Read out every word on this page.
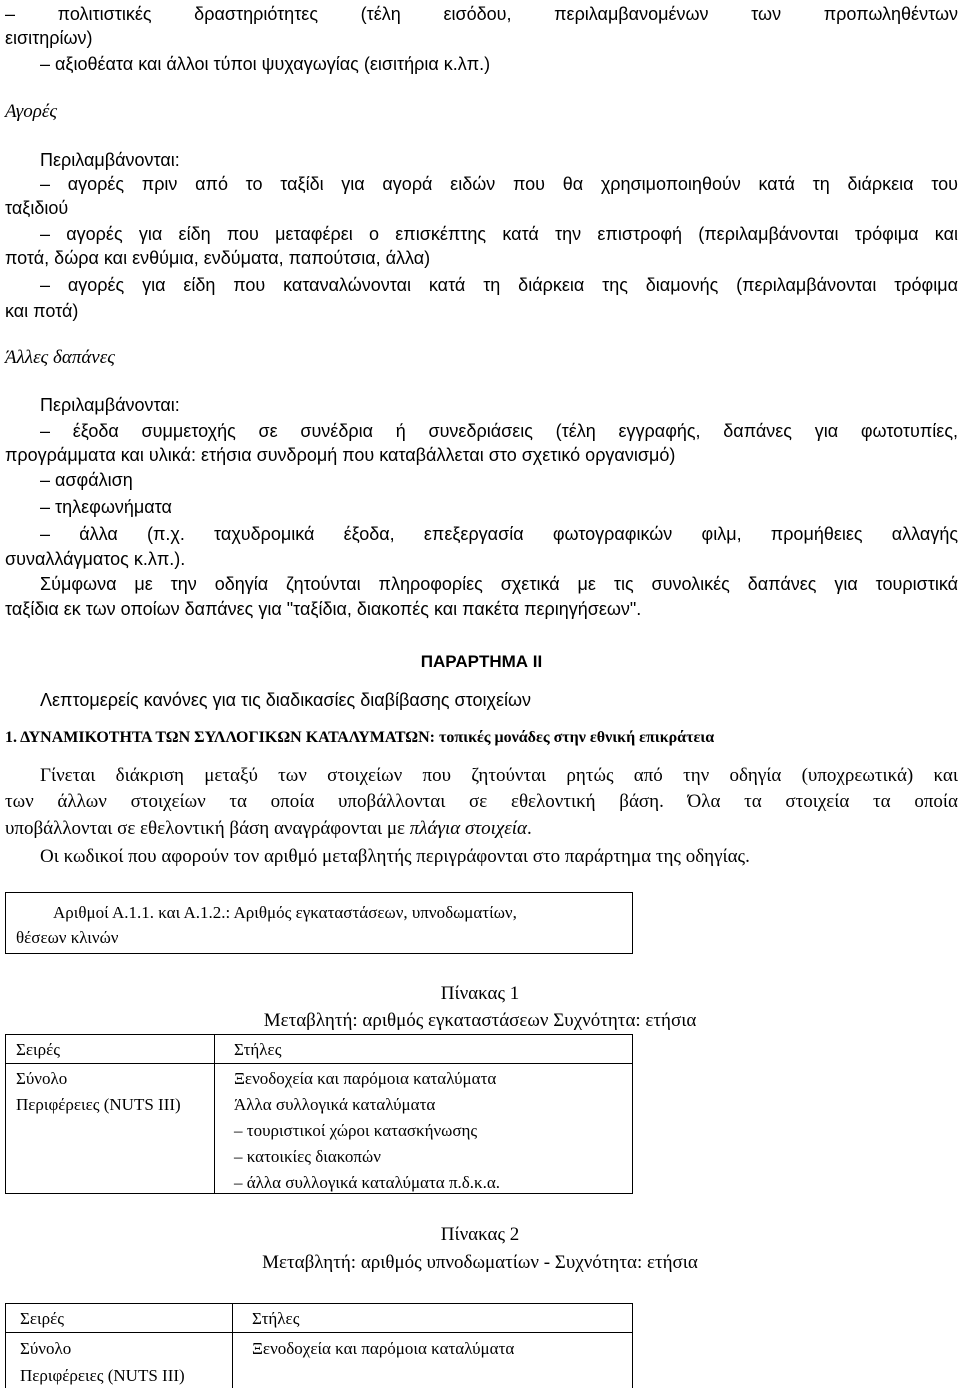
– πολιτιστικές δραστηριότητες (τέλη εισόδου, περιλαμβανομένων των προπωληθέντων
εισιτηρίων)
– αξιοθέατα και άλλοι τύποι ψυχαγωγίας (εισιτήρια κ.λπ.)
Αγορές
Περιλαμβάνονται:
– αγορές πριν από το ταξίδι για αγορά ειδών που θα χρησιμοποιηθούν κατά τη διάρκεια του
ταξιδιού
– αγορές για είδη που μεταφέρει ο επισκέπτης κατά την επιστροφή (περιλαμβάνονται τρόφιμα και
ποτά, δώρα και ενθύμια, ενδύματα, παπούτσια, άλλα)
– αγορές για είδη που καταναλώνονται κατά τη διάρκεια της διαμονής (περιλαμβάνονται τρόφιμα
και ποτά)
Άλλες δαπάνες
Περιλαμβάνονται:
– έξοδα συμμετοχής σε συνέδρια ή συνεδριάσεις (τέλη εγγραφής, δαπάνες για φωτοτυπίες,
προγράμματα και υλικά: ετήσια συνδρομή που καταβάλλεται στο σχετικό οργανισμό)
– ασφάλιση
– τηλεφωνήματα
– άλλα (π.χ. ταχυδρομικά έξοδα, επεξεργασία φωτογραφικών φιλμ, προμήθειες αλλαγής
συναλλάγματος κ.λπ.).
Σύμφωνα με την οδηγία ζητούνται πληροφορίες σχετικά με τις συνολικές δαπάνες για τουριστικά
ταξίδια εκ των οποίων δαπάνες για "ταξίδια, διακοπές και πακέτα περιηγήσεων".
ΠΑΡΑΡΤΗΜΑ II
Λεπτομερείς κανόνες για τις διαδικασίες διαβίβασης στοιχείων
1. ΔΥΝΑΜΙΚΟΤΗΤΑ ΤΩΝ ΣΥΛΛΟΓΙΚΩΝ ΚΑΤΑΛΥΜΑΤΩΝ: τοπικές μονάδες στην εθνική επικράτεια
Γίνεται διάκριση μεταξύ των στοιχείων που ζητούνται ρητώς από την οδηγία (υποχρεωτικά) και
των άλλων στοιχείων τα οποία υποβάλλονται σε εθελοντική βάση. Όλα τα στοιχεία τα οποία
υποβάλλονται σε εθελοντική βάση αναγράφονται με πλάγια στοιχεία.
Οι κωδικοί που αφορούν τον αριθμό μεταβλητής περιγράφονται στο παράρτημα της οδηγίας.
Αριθμοί Α.1.1. και Α.1.2.: Αριθμός εγκαταστάσεων, υπνοδωματίων,
θέσεων κλινών
Πίνακας 1
Μεταβλητή: αριθμός εγκαταστάσεων Συχνότητα: ετήσια
Σειρές	Στήλες
Σύνολο
Περιφέρειες (NUTS III)
Ξενοδοχεία και παρόμοια καταλύματα
Άλλα συλλογικά καταλύματα
– τουριστικοί χώροι κατασκήνωσης
– κατοικίες διακοπών
– άλλα συλλογικά καταλύματα π.δ.κ.α.
Πίνακας 2
Μεταβλητή: αριθμός υπνοδωματίων - Συχνότητα: ετήσια
Σειρές	Στήλες
Σύνολο
Περιφέρειες (NUTS III)
Ξενοδοχεία και παρόμοια καταλύματα
